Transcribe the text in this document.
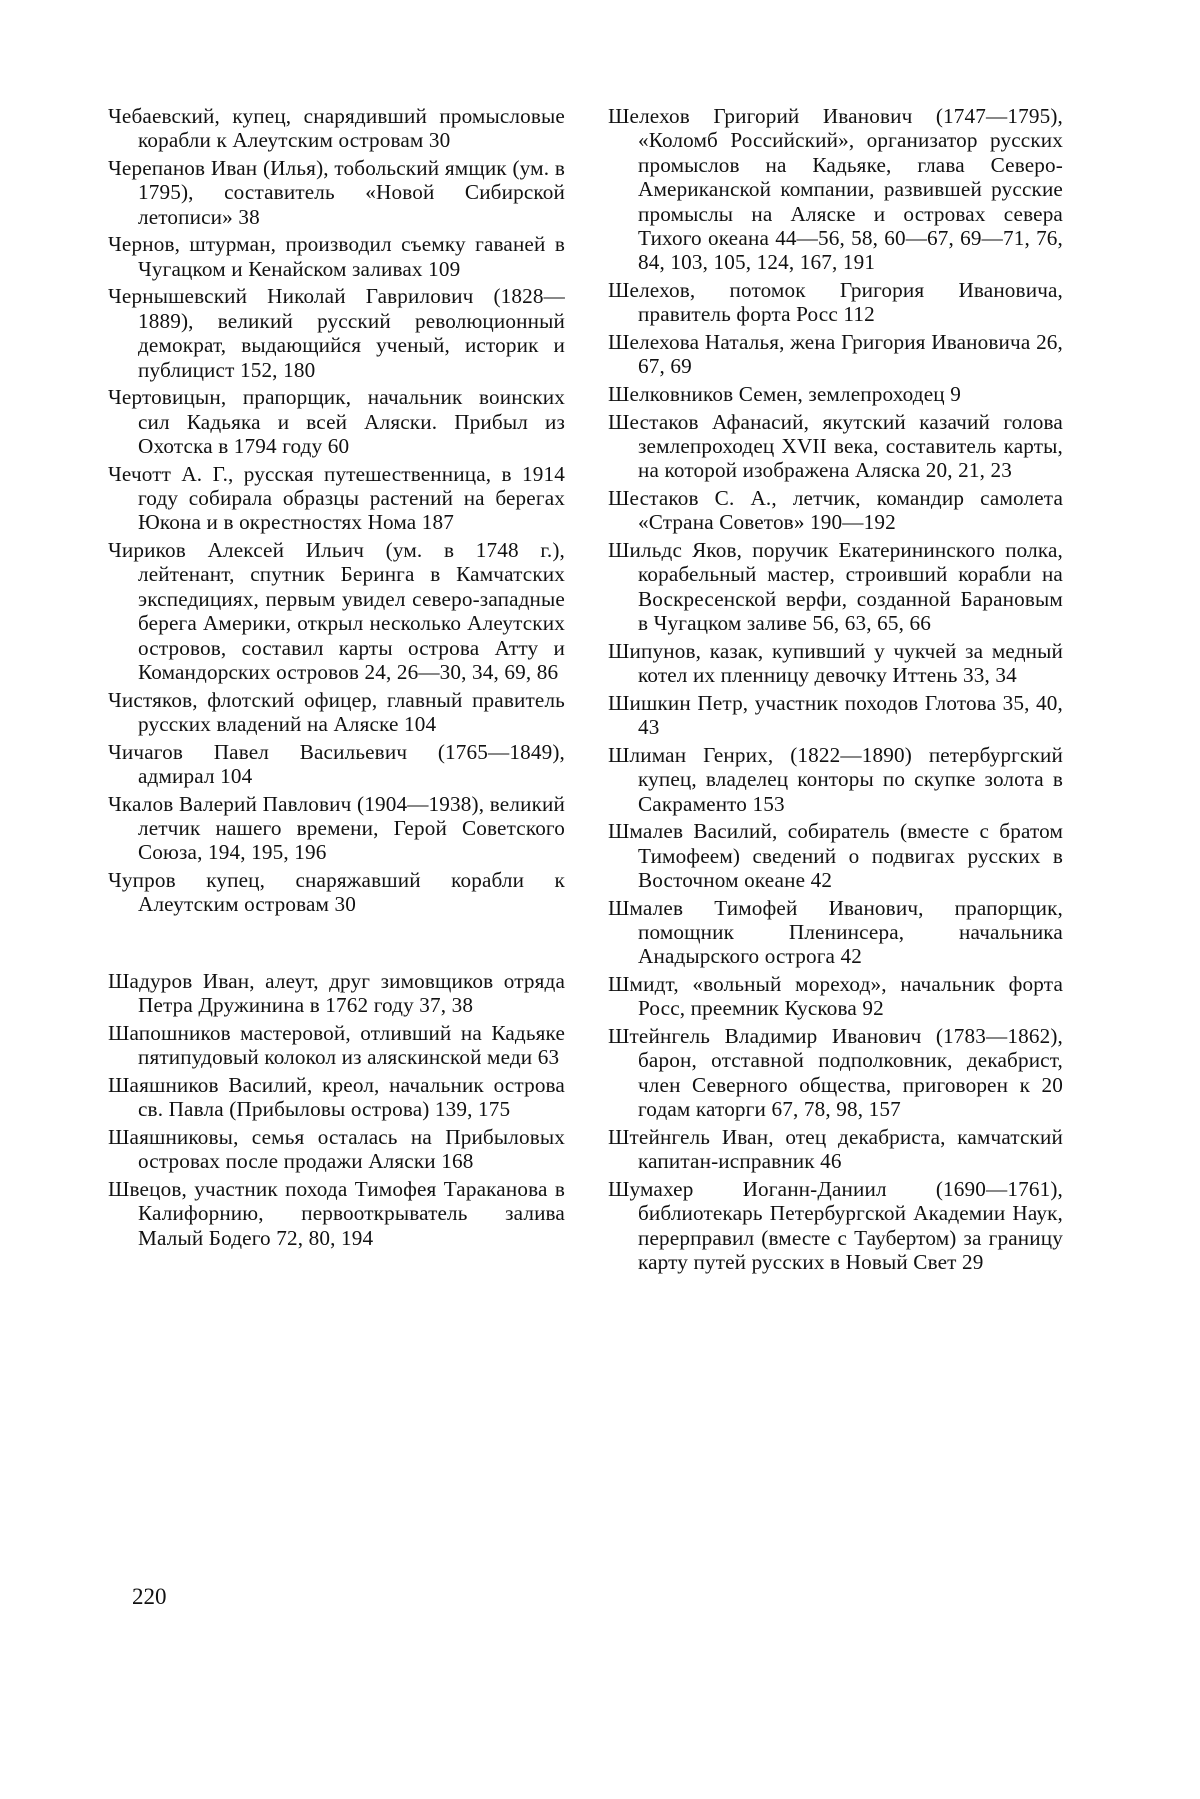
Чебаевский, купец, снарядивший промысловые корабли к Алеутским островам 30

Черепанов Иван (Илья), тобольский ямщик (ум. в 1795), составитель «Новой Сибирской летописи» 38

Чернов, штурман, производил съемку гаваней в Чугацком и Кенайском заливах 109

Чернышевский Николай Гаврилович (1828—1889), великий русский революционный демократ, выдающийся ученый, историк и публицист 152, 180

Чертовицын, прапорщик, начальник воинских сил Кадьяка и всей Аляски. Прибыл из Охотска в 1794 году 60

Чечотт А. Г., русская путешественница, в 1914 году собирала образцы растений на берегах Юкона и в окрестностях Нома 187

Чириков Алексей Ильич (ум. в 1748 г.), лейтенант, спутник Беринга в Камчатских экспедициях, первым увидел северо-западные берега Америки, открыл несколько Алеутских островов, составил карты острова Атту и Командорских островов 24, 26—30, 34, 69, 86

Чистяков, флотский офицер, главный правитель русских владений на Аляске 104

Чичагов Павел Васильевич (1765—1849), адмирал 104

Чкалов Валерий Павлович (1904—1938), великий летчик нашего времени, Герой Советского Союза, 194, 195, 196

Чупров купец, снаряжавший корабли к Алеутским островам 30

Шадуров Иван, алеут, друг зимовщиков отряда Петра Дружинина в 1762 году 37, 38

Шапошников мастеровой, отливший на Кадьяке пятипудовый колокол из аляскинской меди 63

Шаяшников Василий, креол, начальник острова св. Павла (Прибыловы острова) 139, 175

Шаяшниковы, семья осталась на Прибыловых островах после продажи Аляски 168

Швецов, участник похода Тимофея Тараканова в Калифорнию, первооткрыватель залива Малый Бодего 72, 80, 194

Шелехов Григорий Иванович (1747—1795), «Коломб Российский», организатор русских промыслов на Кадьяке, глава Северо-Американской компании, развившей русские промыслы на Аляске и островах севера Тихого океана 44—56, 58, 60—67, 69—71, 76, 84, 103, 105, 124, 167, 191

Шелехов, потомок Григория Ивановича, правитель форта Росс 112

Шелехова Наталья, жена Григория Ивановича 26, 67, 69

Шелковников Семен, землепроходец 9

Шестаков Афанасий, якутский казачий голова землепроходец XVII века, составитель карты, на которой изображена Аляска 20, 21, 23

Шестаков С. А., летчик, командир самолета «Страна Советов» 190—192

Шильдс Яков, поручик Екатерининского полка, корабельный мастер, строивший корабли на Воскресенской верфи, созданной Барановым в Чугацком заливе 56, 63, 65, 66

Шипунов, казак, купивший у чукчей за медный котел их пленницу девочку Иттень 33, 34

Шишкин Петр, участник походов Глотова 35, 40, 43

Шлиман Генрих, (1822—1890) петербургский купец, владелец конторы по скупке золота в Сакраменто 153

Шмалев Василий, собиратель (вместе с братом Тимофеем) сведений о подвигах русских в Восточном океане 42

Шмалев Тимофей Иванович, прапорщик, помощник Пленинсера, начальника Анадырского острога 42

Шмидт, «вольный мореход», начальник форта Росс, преемник Кускова 92

Штейнгель Владимир Иванович (1783—1862), барон, отставной подполковник, декабрист, член Северного общества, приговорен к 20 годам каторги 67, 78, 98, 157

Штейнгель Иван, отец декабриста, камчатский капитан-исправник 46

Шумахер Иоганн-Даниил (1690—1761), библиотекарь Петербургской Академии Наук, перерправил (вместе с Таубертом) за границу карту путей русских в Новый Свет 29

220
